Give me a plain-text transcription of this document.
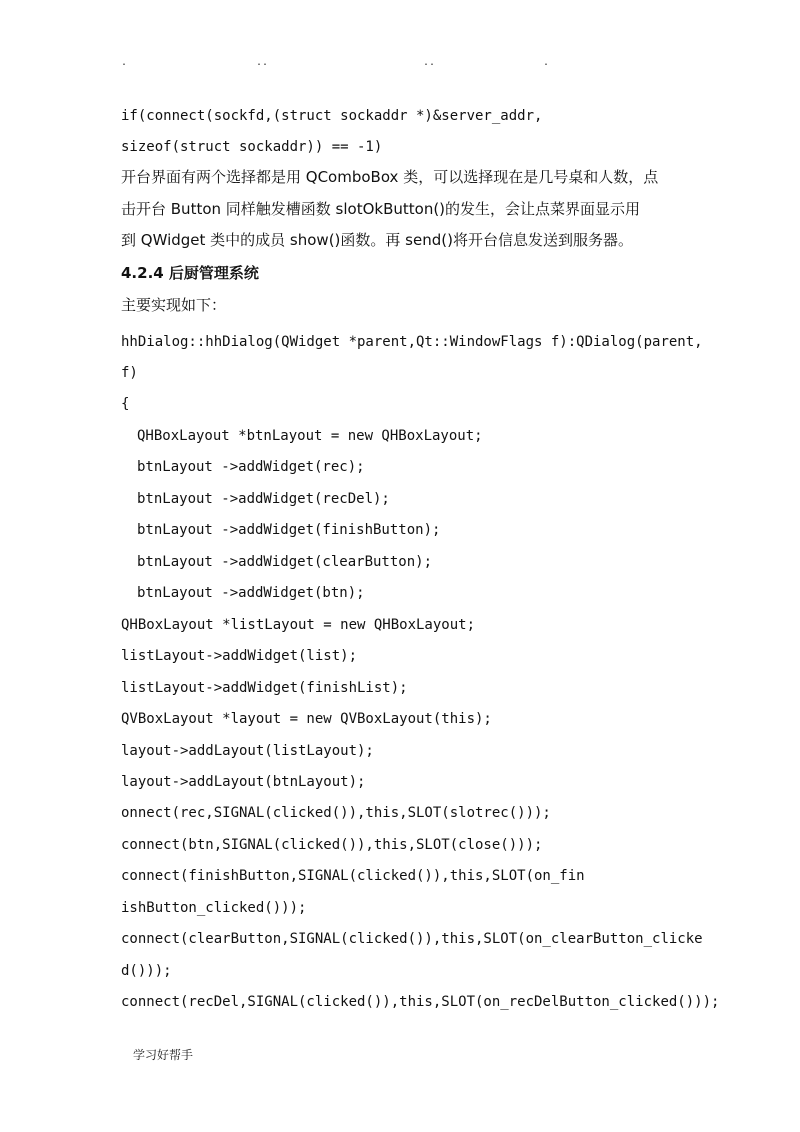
.	..	..	.
if(connect(sockfd,(struct sockaddr *)&server_addr,
sizeof(struct sockaddr)) == -1)
开台界面有两个选择都是用 QComboBox 类，可以选择现在是几号桌和人数，点
击开台 Button 同样触发槽函数 slotOkButton()的发生，会让点菜界面显示用
到 QWidget 类中的成员 show()函数。再 send()将开台信息发送到服务器。
4.2.4 后厨管理系统
主要实现如下：
hhDialog::hhDialog(QWidget *parent,Qt::WindowFlags f):QDialog(parent,
f)
{
QHBoxLayout *btnLayout = new QHBoxLayout;
btnLayout ->addWidget(rec);
btnLayout ->addWidget(recDel);
btnLayout ->addWidget(finishButton);
btnLayout ->addWidget(clearButton);
btnLayout ->addWidget(btn);
QHBoxLayout *listLayout = new QHBoxLayout;
listLayout->addWidget(list);
listLayout->addWidget(finishList);
QVBoxLayout *layout = new QVBoxLayout(this);
layout->addLayout(listLayout);
layout->addLayout(btnLayout);
onnect(rec,SIGNAL(clicked()),this,SLOT(slotrec()));
connect(btn,SIGNAL(clicked()),this,SLOT(close()));
connect(finishButton,SIGNAL(clicked()),this,SLOT(on_fin
ishButton_clicked()));
connect(clearButton,SIGNAL(clicked()),this,SLOT(on_clearButton_clicke
d()));
connect(recDel,SIGNAL(clicked()),this,SLOT(on_recDelButton_clicked()));
学习好帮手
